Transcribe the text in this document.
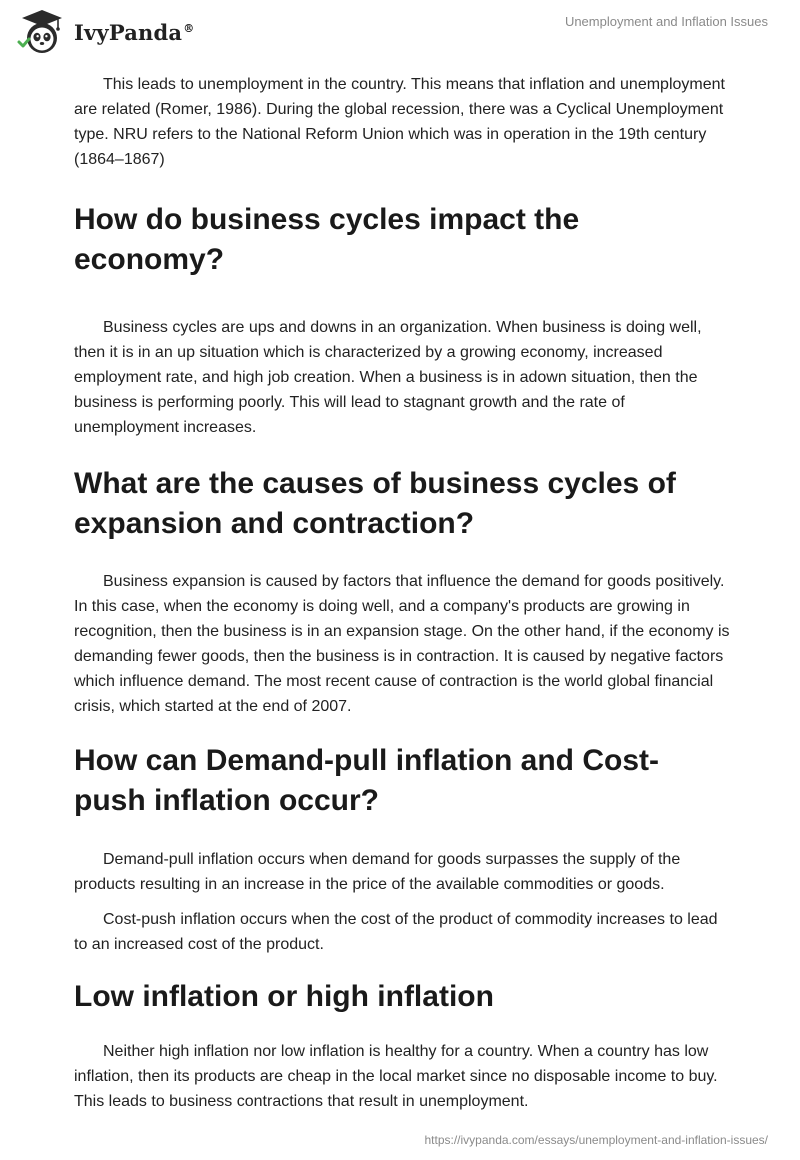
IvyPanda®	Unemployment and Inflation Issues

This leads to unemployment in the country. This means that inflation and unemployment are related (Romer, 1986). During the global recession, there was a Cyclical Unemployment type. NRU refers to the National Reform Union which was in operation in the 19th century (1864–1867)

How do business cycles impact the economy?

Business cycles are ups and downs in an organization. When business is doing well, then it is in an up situation which is characterized by a growing economy, increased employment rate, and high job creation. When a business is in adown situation, then the business is performing poorly. This will lead to stagnant growth and the rate of unemployment increases.

What are the causes of business cycles of expansion and contraction?

Business expansion is caused by factors that influence the demand for goods positively. In this case, when the economy is doing well, and a company's products are growing in recognition, then the business is in an expansion stage. On the other hand, if the economy is demanding fewer goods, then the business is in contraction. It is caused by negative factors which influence demand. The most recent cause of contraction is the world global financial crisis, which started at the end of 2007.

How can Demand-pull inflation and Cost-push inflation occur?

Demand-pull inflation occurs when demand for goods surpasses the supply of the products resulting in an increase in the price of the available commodities or goods.

Cost-push inflation occurs when the cost of the product of commodity increases to lead to an increased cost of the product.

Low inflation or high inflation

Neither high inflation nor low inflation is healthy for a country. When a country has low inflation, then its products are cheap in the local market since no disposable income to buy. This leads to business contractions that result in unemployment.

https://ivypanda.com/essays/unemployment-and-inflation-issues/
